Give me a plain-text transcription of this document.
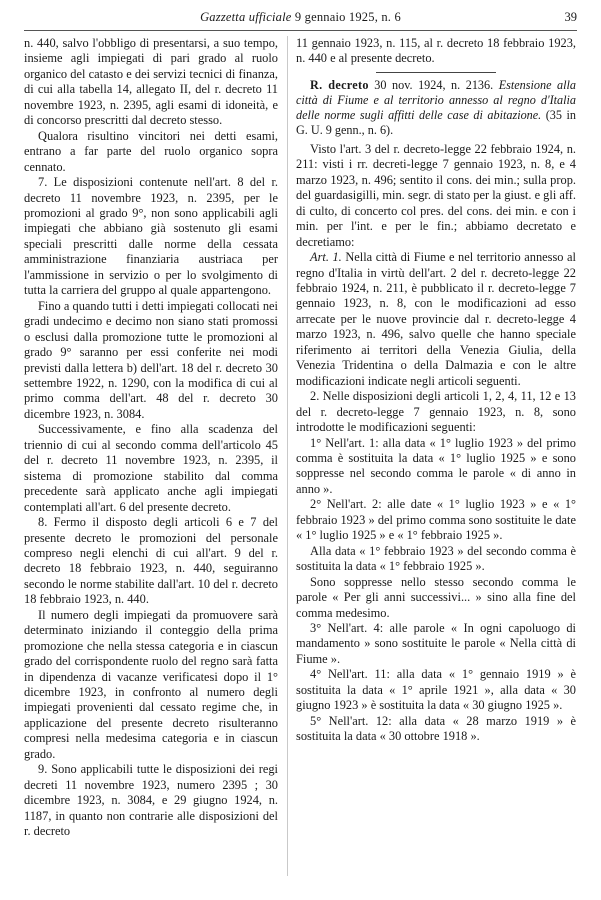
Gazzetta ufficiale 9 gennaio 1925, n. 6	39

n. 440, salvo l'obbligo di presentarsi, a suo tempo, insieme agli impiegati di pari grado al ruolo organico del catasto e dei servizi tecnici di finanza, di cui alla tabella 14, allegato II, del r. decreto 11 novembre 1923, n. 2395, agli esami di idoneità, e di concorso prescritti dal decreto stesso.

Qualora risultino vincitori nei detti esami, entrano a far parte del ruolo organico sopra cennato.

7. Le disposizioni contenute nell'art. 8 del r. decreto 11 novembre 1923, n. 2395, per le promozioni al grado 9°, non sono applicabili agli impiegati che abbiano già sostenuto gli esami speciali prescritti dalle norme della cessata amministrazione finanziaria austriaca per l'ammissione in servizio o per lo svolgimento di tutta la carriera del gruppo al quale appartengono.

Fino a quando tutti i detti impiegati collocati nei gradi undecimo e decimo non siano stati promossi o esclusi dalla promozione tutte le promozioni al grado 9° saranno per essi conferite nei modi previsti dalla lettera b) dell'art. 18 del r. decreto 30 settembre 1922, n. 1290, con la modifica di cui al primo comma dell'art. 48 del r. decreto 30 dicembre 1923, n. 3084.

Successivamente, e fino alla scadenza del triennio di cui al secondo comma dell'articolo 45 del r. decreto 11 novembre 1923, n. 2395, il sistema di promozione stabilito dal comma precedente sarà applicato anche agli impiegati contemplati all'art. 6 del presente decreto.

8. Fermo il disposto degli articoli 6 e 7 del presente decreto le promozioni del personale compreso negli elenchi di cui all'art. 9 del r. decreto 18 febbraio 1923, n. 440, seguiranno secondo le norme stabilite dall'art. 10 del r. decreto 18 febbraio 1923, n. 440.

Il numero degli impiegati da promuovere sarà determinato iniziando il conteggio della prima promozione che nella stessa categoria e in ciascun grado del corrispondente ruolo del regno sarà fatta in dipendenza di vacanze verificatesi dopo il 1° dicembre 1923, in confronto al numero degli impiegati provenienti dal cessato regime che, in applicazione del presente decreto risulteranno compresi nella medesima categoria e in ciascun grado.

9. Sono applicabili tutte le disposizioni dei regi decreti 11 novembre 1923, numero 2395 ; 30 dicembre 1923, n. 3084, e 29 giugno 1924, n. 1187, in quanto non contrarie alle disposizioni del r. decreto

11 gennaio 1923, n. 115, al r. decreto 18 febbraio 1923, n. 440 e al presente decreto.

R. decreto 30 nov. 1924, n. 2136. Estensione alla città di Fiume e al territorio annesso al regno d'Italia delle norme sugli affitti delle case di abitazione. (35 in G. U. 9 genn., n. 6).

Visto l'art. 3 del r. decreto-legge 22 febbraio 1924, n. 211: visti i rr. decreti-legge 7 gennaio 1923, n. 8, e 4 marzo 1923, n. 496; sentito il cons. dei min.; sulla prop. del guardasigilli, min. segr. di stato per la giust. e gli aff. di culto, di concerto col pres. del cons. dei min. e con i min. per l'int. e per le fin.; abbiamo decretato e decretiamo:

Art. 1. Nella città di Fiume e nel territorio annesso al regno d'Italia in virtù dell'art. 2 del r. decreto-legge 22 febbraio 1924, n. 211, è pubblicato il r. decreto-legge 7 gennaio 1923, n. 8, con le modificazioni ad esso arrecate per le nuove provincie dal r. decreto-legge 4 marzo 1923, n. 496, salvo quelle che hanno speciale riferimento ai territori della Venezia Giulia, della Venezia Tridentina o della Dalmazia e con le altre modificazioni indicate negli articoli seguenti.

2. Nelle disposizioni degli articoli 1, 2, 4, 11, 12 e 13 del r. decreto-legge 7 gennaio 1923, n. 8, sono introdotte le modificazioni seguenti:

1° Nell'art. 1: alla data « 1° luglio 1923 » del primo comma è sostituita la data « 1° luglio 1925 » e sono soppresse nel secondo comma le parole « di anno in anno ».

2° Nell'art. 2: alle date « 1° luglio 1923 » e « 1° febbraio 1923 » del primo comma sono sostituite le date « 1° luglio 1925 » e « 1° febbraio 1925 ».

Alla data « 1° febbraio 1923 » del secondo comma è sostituita la data « 1° febbraio 1925 ».

Sono soppresse nello stesso secondo comma le parole « Per gli anni successivi... » sino alla fine del comma medesimo.

3° Nell'art. 4: alle parole « In ogni capoluogo di mandamento » sono sostituite le parole « Nella città di Fiume ».

4° Nell'art. 11: alla data « 1° gennaio 1919 » è sostituita la data « 1° aprile 1921 », alla data « 30 giugno 1923 » è sostituita la data « 30 giugno 1925 ».

5° Nell'art. 12: alla data « 28 marzo 1919 » è sostituita la data « 30 ottobre 1918 ».
